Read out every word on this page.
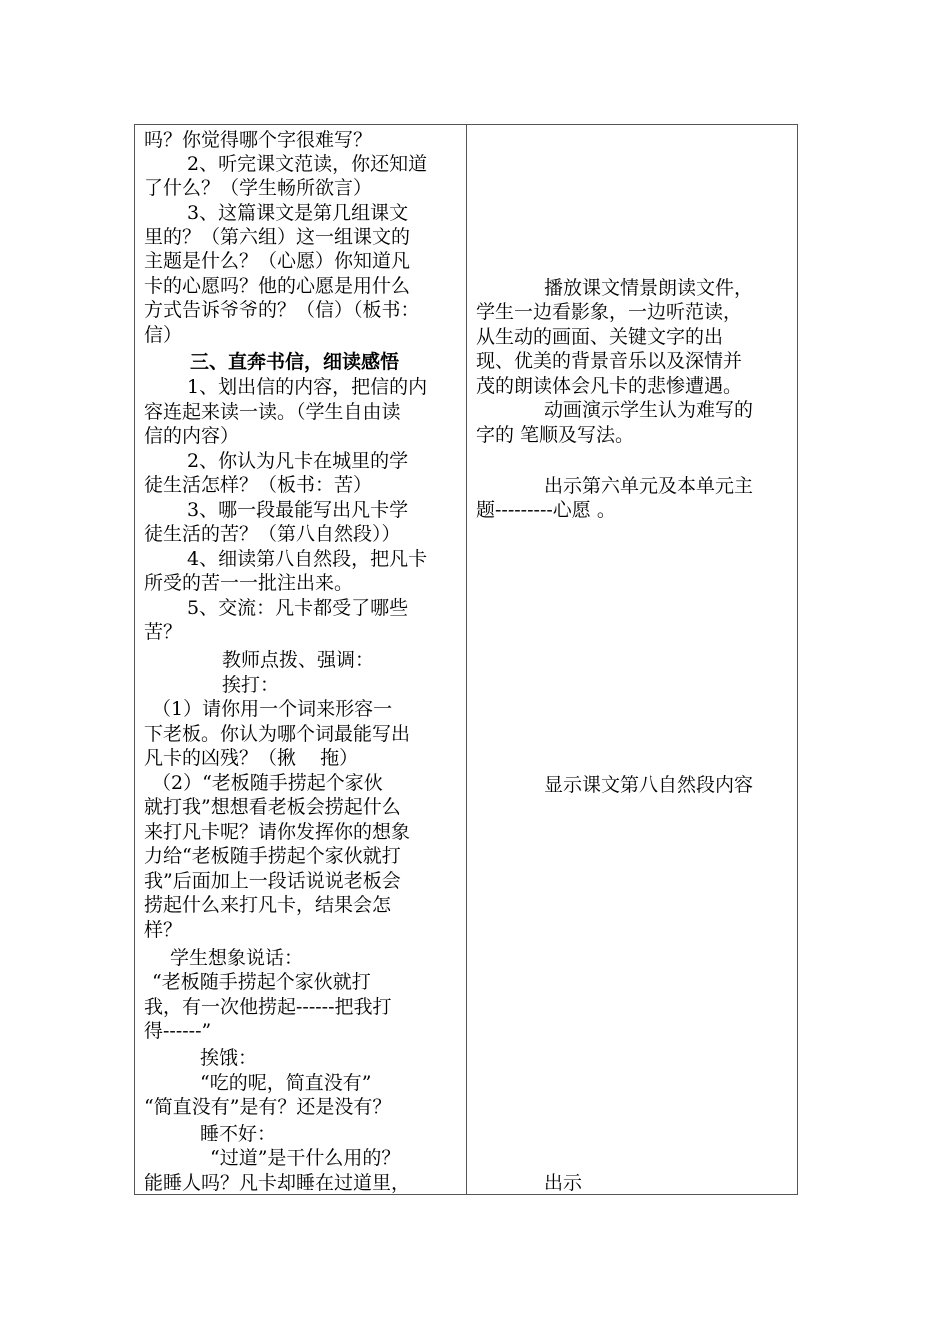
吗？你觉得哪个字很难写？
2、听完课文范读，你还知道
了什么？（学生畅所欲言）
3、这篇课文是第几组课文
里的？（第六组）这一组课文的
主题是什么？（心愿）你知道凡
卡的心愿吗？他的心愿是用什么
方式告诉爷爷的？（信）（板书：
信）
三、直奔书信，细读感悟
1、划出信的内容，把信的内
容连起来读一读。（学生自由读
信的内容）
2、你认为凡卡在城里的学
徒生活怎样？（板书：苦）
3、哪一段最能写出凡卡学
徒生活的苦？（第八自然段））
4、细读第八自然段，把凡卡
所受的苦一一批注出来。
5、交流：凡卡都受了哪些
苦？
教师点拨、强调：
挨打：
（1）请你用一个词来形容一
下老板。你认为哪个词最能写出
凡卡的凶残？（揪    拖）
（2）“老板随手捞起个家伙
就打我”想想看老板会捞起什么
来打凡卡呢？请你发挥你的想象
力给“老板随手捞起个家伙就打
我”后面加上一段话说说老板会
捞起什么来打凡卡，结果会怎
样？
学生想象说话：
“老板随手捞起个家伙就打
我，有一次他捞起------把我打
得------”
挨饿：
“吃的呢，简直没有”
“简直没有”是有？还是没有？
睡不好：
“过道”是干什么用的？
能睡人吗？凡卡却睡在过道里，
播放课文情景朗读文件，
学生一边看影象，一边听范读，
从生动的画面、关键文字的出
现、优美的背景音乐以及深情并
茂的朗读体会凡卡的悲惨遭遇。
动画演示学生认为难写的
字的 笔顺及写法。
出示第六单元及本单元主
题---------心愿 。
显示课文第八自然段内容
出示
